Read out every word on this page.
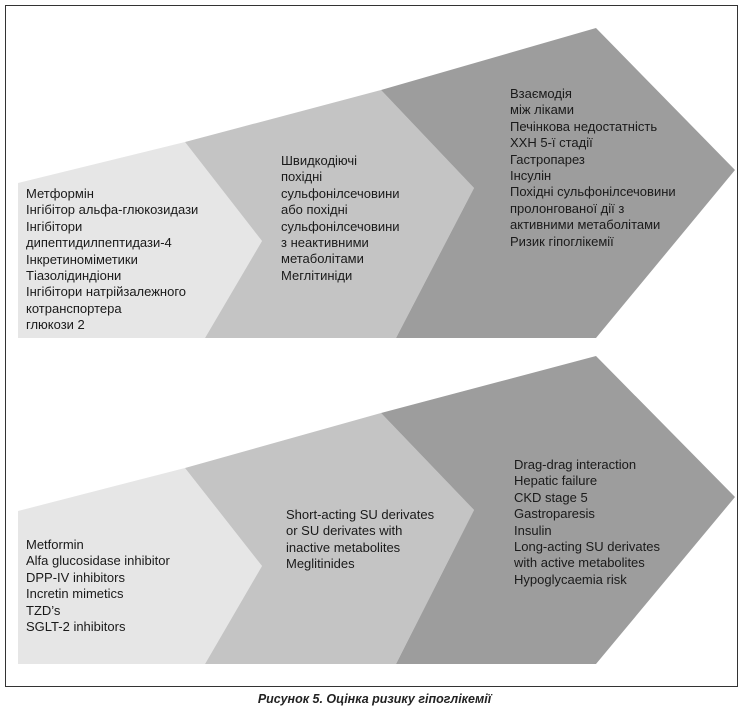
Метформін
Інгібітор альфа-глюкозидази
Інгібітори
дипептидилпептидази-4
Інкретиноміметики
Тіазолідиндіони
Інгібітори натрійзалежного
котранспортера
глюкози 2
Швидкодіючі
похідні
сульфонілсечовини
або похідні
сульфонілсечовини
з неактивними
метаболітами
Меглітиніди
Взаємодія
між ліками
Печінкова недостатність
ХХН 5-ї стадії
Гастропарез
Інсулін
Похідні сульфонілсечовини
пролонгованої дії з
активними метаболітами
Ризик гіпоглікемії
Metformin
Alfa glucosidase inhibitor
DPP-IV inhibitors
Incretin mimetics
TZD’s
SGLT-2 inhibitors
Short-acting SU derivates
or SU derivates with
inactive metabolites
Meglitinides
Drag-drag interaction
Hepatic failure
CKD stage 5
Gastroparesis
Insulin
Long-acting SU derivates
with active metabolites
Hypoglycaemia risk
Рисунок 5. Оцінка ризику гіпоглікемії
